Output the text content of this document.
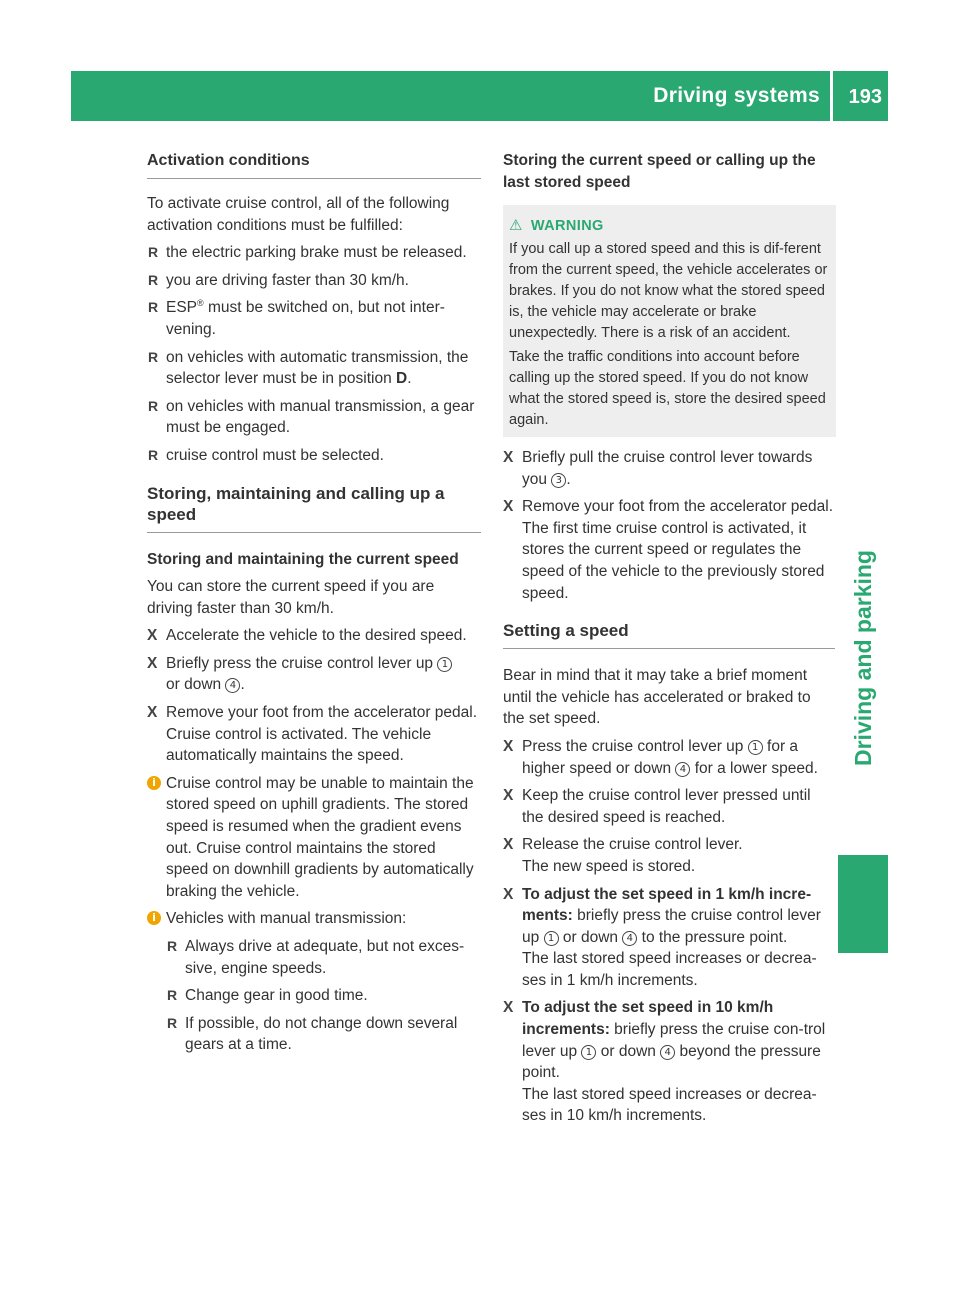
Driving systems 193
Driving and parking
Activation conditions

To activate cruise control, all of the following activation conditions must be fulfilled:

R the electric parking brake must be released.
R you are driving faster than 30 km/h.
R ESP® must be switched on, but not inter-vening.
R on vehicles with automatic transmission, the selector lever must be in position D.
R on vehicles with manual transmission, a gear must be engaged.
R cruise control must be selected.
Storing, maintaining and calling up a speed
Storing and maintaining the current speed

You can store the current speed if you are driving faster than 30 km/h.

X Accelerate the vehicle to the desired speed.
X Briefly press the cruise control lever up 1
or down 4 .
X Remove your foot from the accelerator pedal.
Cruise control is activated. The vehicle automatically maintains the speed.
i Cruise control may be unable to maintain the stored speed on uphill gradients. The stored speed is resumed when the gradient evens out. Cruise control maintains the stored speed on downhill gradients by automatically braking the vehicle.
i Vehicles with manual transmission:
R Always drive at adequate, but not exces-sive, engine speeds.
R Change gear in good time.
R If possible, do not change down several gears at a time.
Storing the current speed or calling up the last stored speed
⚠ WARNING

If you call up a stored speed and this is dif-ferent from the current speed, the vehicle accelerates or brakes. If you do not know what the stored speed is, the vehicle may accelerate or brake unexpectedly. There is a risk of an accident.

Take the traffic conditions into account before calling up the stored speed. If you do not know what the stored speed is, store the desired speed again.

X Briefly pull the cruise control lever towards you 3 .
X Remove your foot from the accelerator pedal.
The first time cruise control is activated, it stores the current speed or regulates the speed of the vehicle to the previously stored speed.
Setting a speed

Bear in mind that it may take a brief moment until the vehicle has accelerated or braked to the set speed.

X Press the cruise control lever up 1 for a higher speed or down 4 for a lower speed.
X Keep the cruise control lever pressed until the desired speed is reached.
X Release the cruise control lever.
The new speed is stored.
X To adjust the set speed in 1 km/h incre-ments: briefly press the cruise control lever up 1 or down 4 to the pressure point.
The last stored speed increases or decrea-ses in 1 km/h increments.
X To adjust the set speed in 10 km/h increments: briefly press the cruise con-trol lever up 1 or down 4 beyond the pressure point.
The last stored speed increases or decrea-ses in 10 km/h increments.
